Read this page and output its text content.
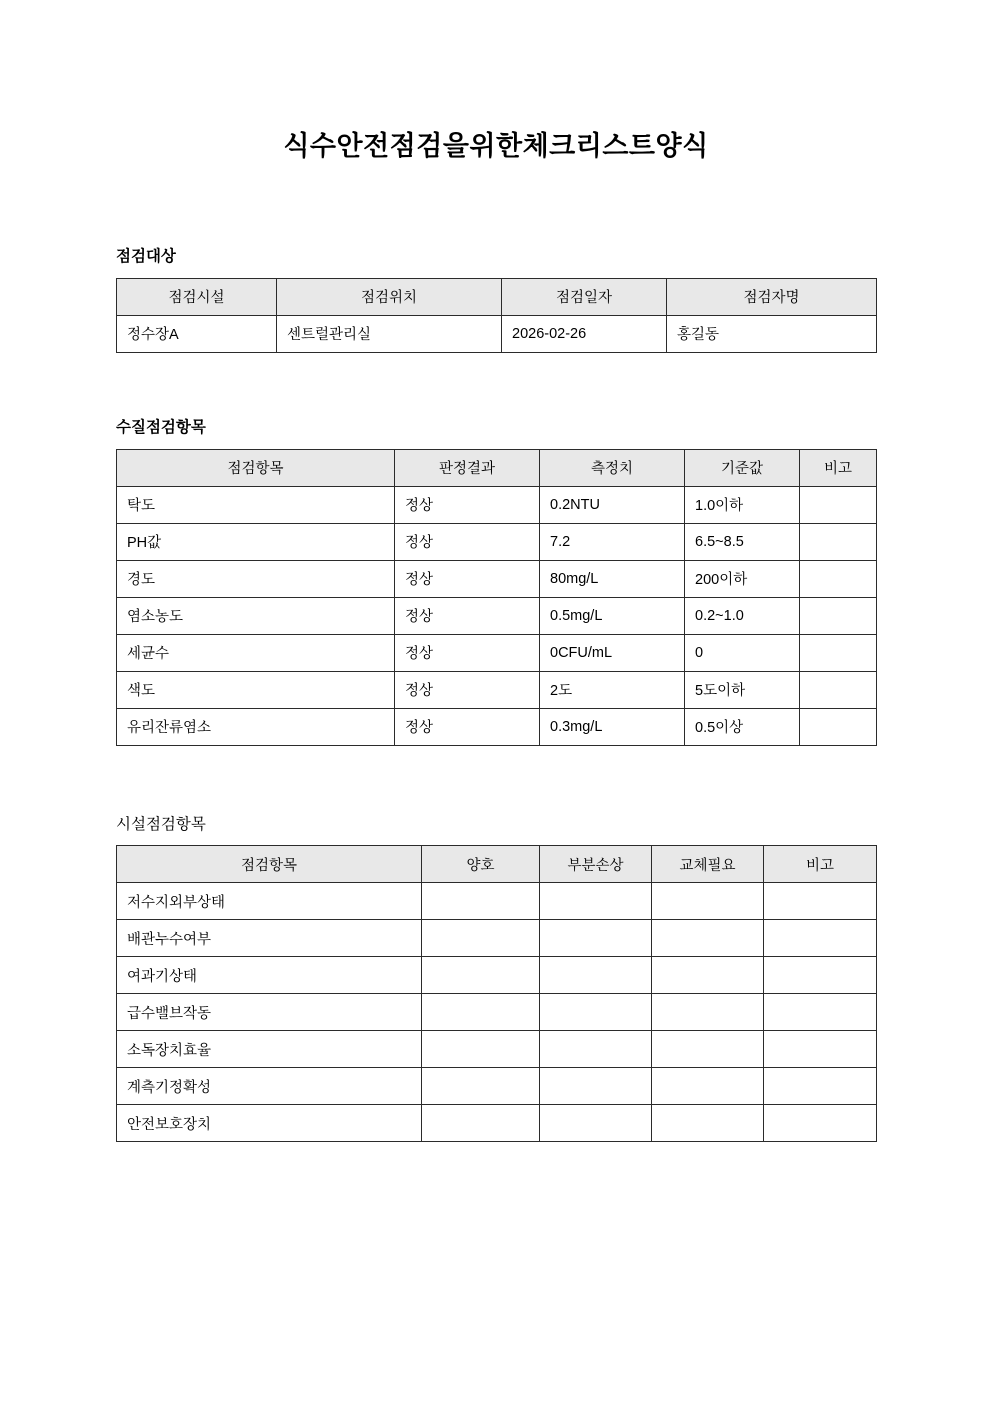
식수안전점검을위한체크리스트양식
점검대상
점검시설	점검위치	점검일자	점검자명
정수장A	센트럴관리실	2026-02-26	홍길동
수질점검항목
점검항목	판정결과	측정치	기준값	비고
탁도	정상	0.2NTU	1.0이하	
PH값	정상	7.2	6.5~8.5	
경도	정상	80mg/L	200이하	
염소농도	정상	0.5mg/L	0.2~1.0	
세균수	정상	0CFU/mL	0	
색도	정상	2도	5도이하	
유리잔류염소	정상	0.3mg/L	0.5이상	
시설점검항목
점검항목	양호	부분손상	교체필요	비고
저수지외부상태				
배관누수여부				
여과기상태				
급수밸브작동				
소독장치효율				
계측기정확성				
안전보호장치				
